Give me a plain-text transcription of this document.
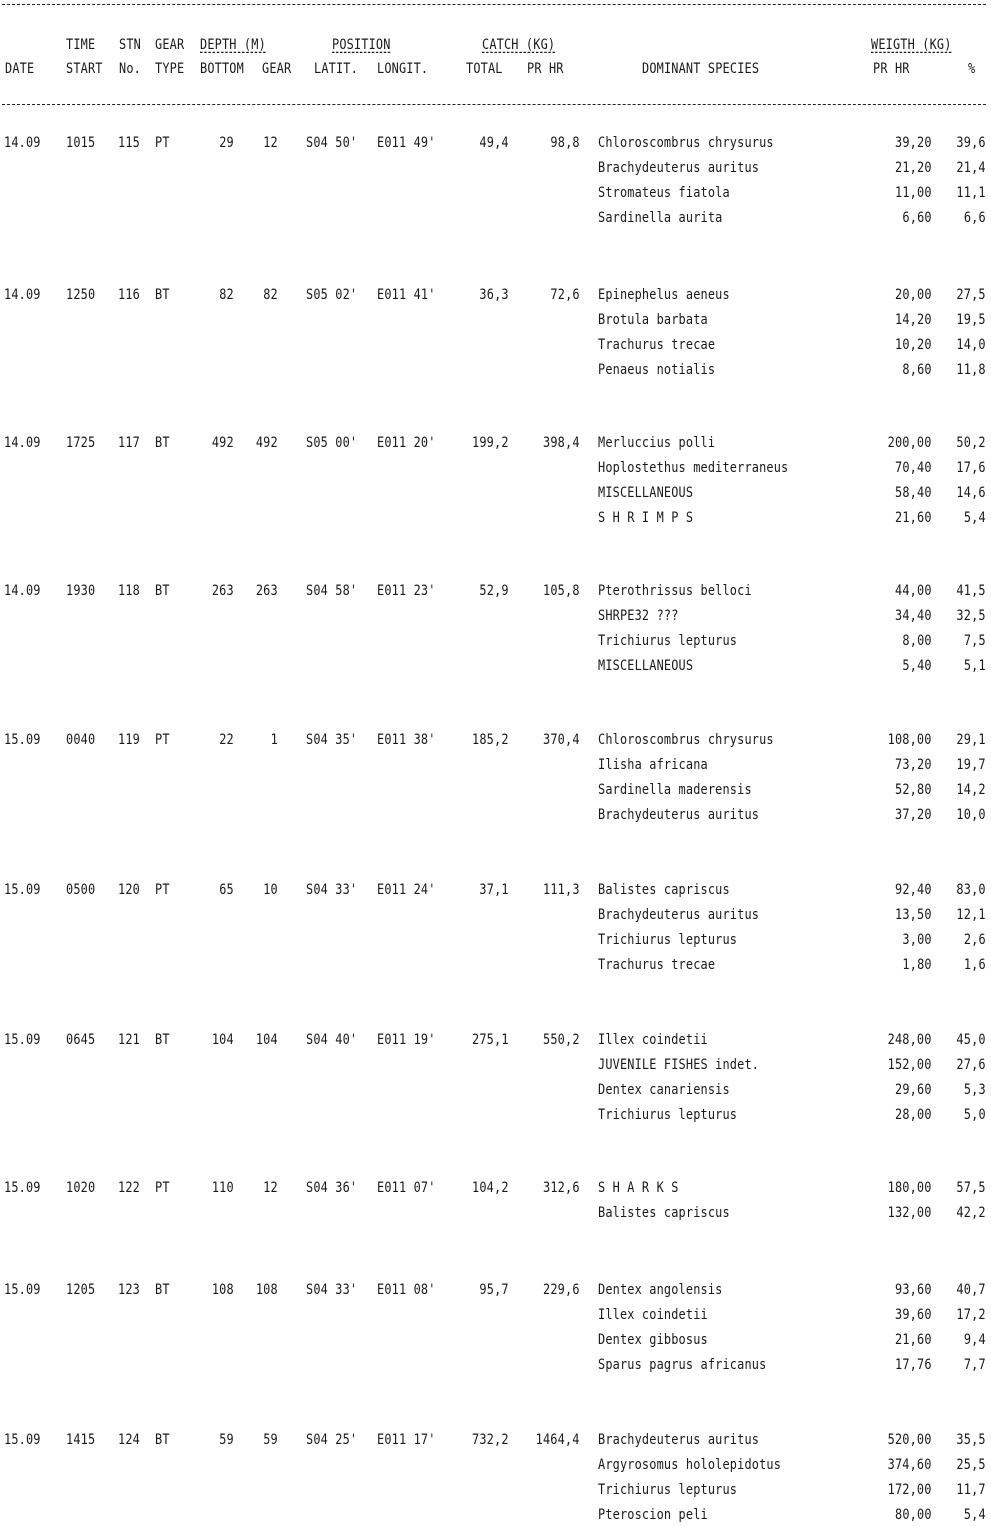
TIME STN GEAR DEPTH (M)	POSITION	CATCH (KG)	WEIGTH (KG)
DATE START No. TYPE BOTTOM GEAR LATIT. LONGIT.	TOTAL PR HR	DOMINANT SPECIES	PR HR	%
14.09 1015 115 PT	29 12 S04 50' E011 49'	49,4	98,8 Chloroscombrus chrysurus	39,20 39,6
Brachydeuterus auritus	21,20 21,4
Stromateus fiatola	11,00 11,1
Sardinella aurita	6,60 6,6
14.09 1250 116 BT	82 82 S05 02' E011 41'	36,3	72,6 Epinephelus aeneus	20,00 27,5
Brotula barbata	14,20 19,5
Trachurus trecae	10,20 14,0
Penaeus notialis	8,60 11,8
14.09 1725 117 BT	492 492 S05 00' E011 20'	199,2 398,4 Merluccius polli	200,00 50,2
Hoplostethus mediterraneus	70,40 17,6
MISCELLANEOUS	58,40 14,6
S H R I M P S	21,60 5,4
14.09 1930 118 BT	263 263 S04 58' E011 23'	52,9 105,8 Pterothrissus belloci	44,00 41,5
SHRPE32 ???	34,40 32,5
Trichiurus lepturus	8,00 7,5
MISCELLANEOUS	5,40 5,1
15.09 0040 119 PT	22	1 S04 35' E011 38'	185,2 370,4 Chloroscombrus chrysurus	108,00 29,1
Ilisha africana	73,20 19,7
Sardinella maderensis	52,80 14,2
Brachydeuterus auritus	37,20 10,0
15.09 0500 120 PT	65 10 S04 33' E011 24'	37,1 111,3 Balistes capriscus	92,40 83,0
Brachydeuterus auritus	13,50 12,1
Trichiurus lepturus	3,00 2,6
Trachurus trecae	1,80 1,6
15.09 0645 121 BT	104 104 S04 40' E011 19'	275,1 550,2 Illex coindetii	248,00 45,0
JUVENILE FISHES indet.	152,00 27,6
Dentex canariensis	29,60 5,3
Trichiurus lepturus	28,00 5,0
15.09 1020 122 PT	110 12 S04 36' E011 07'	104,2 312,6 S H A R K S	180,00 57,5
Balistes capriscus	132,00 42,2
15.09 1205 123 BT	108 108 S04 33' E011 08'	95,7 229,6 Dentex angolensis	93,60 40,7
Illex coindetii	39,60 17,2
Dentex gibbosus	21,60 9,4
Sparus pagrus africanus	17,76 7,7
15.09 1415 124 BT	59 59 S04 25' E011 17'	732,2 1464,4 Brachydeuterus auritus	520,00 35,5
Argyrosomus hololepidotus	374,60 25,5
Trichiurus lepturus	172,00 11,7
Pteroscion peli	80,00 5,4
